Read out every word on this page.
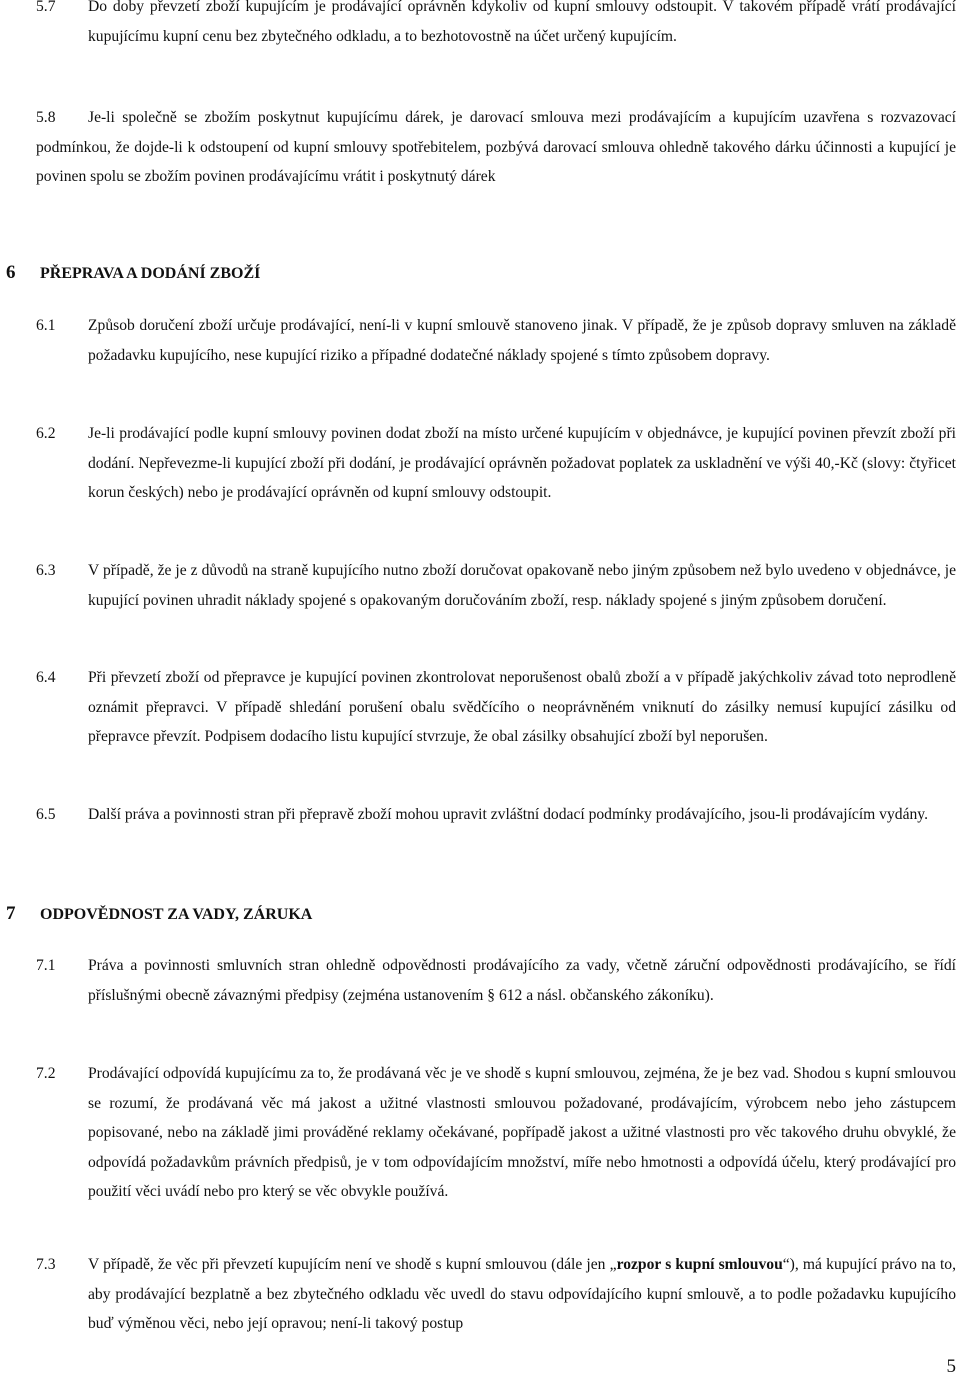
5.7	Do doby převzetí zboží kupujícím je prodávající oprávněn kdykoliv od kupní smlouvy odstoupit. V takovém případě vrátí prodávající kupujícímu kupní cenu bez zbytečného odkladu, a to bezhotovostně na účet určený kupujícím.
5.8 Je-li společně se zbožím poskytnut kupujícímu dárek, je darovací smlouva mezi prodávajícím a kupujícím uzavřena s rozvazovací podmínkou, že dojde-li k odstoupení od kupní smlouvy spotřebitelem, pozbývá darovací smlouva ohledně takového dárku účinnosti a kupující je povinen spolu se zbožím povinen prodávajícímu vrátit i poskytnutý dárek
6	PŘEPRAVA A DODÁNÍ ZBOŽÍ
6.1	Způsob doručení zboží určuje prodávající, není-li v kupní smlouvě stanoveno jinak. V případě, že je způsob dopravy smluven na základě požadavku kupujícího, nese kupující riziko a případné dodatečné náklady spojené s tímto způsobem dopravy.
6.2	Je-li prodávající podle kupní smlouvy povinen dodat zboží na místo určené kupujícím v objednávce, je kupující povinen převzít zboží při dodání. Nepřevezme-li kupující zboží při dodání, je prodávající oprávněn požadovat poplatek za uskladnění ve výši 40,-Kč (slovy: čtyřicet korun českých) nebo je prodávající oprávněn od kupní smlouvy odstoupit.
6.3	V případě, že je z důvodů na straně kupujícího nutno zboží doručovat opakovaně nebo jiným způsobem než bylo uvedeno v objednávce, je kupující povinen uhradit náklady spojené s opakovaným doručováním zboží, resp. náklady spojené s jiným způsobem doručení.
6.4	Při převzetí zboží od přepravce je kupující povinen zkontrolovat neporušenost obalů zboží a v případě jakýchkoliv závad toto neprodleně oznámit přepravci. V případě shledání porušení obalu svědčícího o neoprávněném vniknutí do zásilky nemusí kupující zásilku od přepravce převzít. Podpisem dodacího listu kupující stvrzuje, že obal zásilky obsahující zboží byl neporušen.
6.5	Další práva a povinnosti stran při přepravě zboží mohou upravit zvláštní dodací podmínky prodávajícího, jsou-li prodávajícím vydány.
7	ODPOVĚDNOST ZA VADY, ZÁRUKA
7.1	Práva a povinnosti smluvních stran ohledně odpovědnosti prodávajícího za vady, včetně záruční odpovědnosti prodávajícího, se řídí příslušnými obecně závaznými předpisy (zejména ustanovením § 612 a násl. občanského zákoníku).
7.2	Prodávající odpovídá kupujícímu za to, že prodávaná věc je ve shodě s kupní smlouvou, zejména, že je bez vad. Shodou s kupní smlouvou se rozumí, že prodávaná věc má jakost a užitné vlastnosti smlouvou požadované, prodávajícím, výrobcem nebo jeho zástupcem popisované, nebo na základě jimi prováděné reklamy očekávané, popřípadě jakost a užitné vlastnosti pro věc takového druhu obvyklé, že odpovídá požadavkům právních předpisů, je v tom odpovídajícím množství, míře nebo hmotnosti a odpovídá účelu, který prodávající pro použití věci uvádí nebo pro který se věc obvykle používá.
7.3	V případě, že věc při převzetí kupujícím není ve shodě s kupní smlouvou (dále jen „rozpor s kupní smlouvou“), má kupující právo na to, aby prodávající bezplatně a bez zbytečného odkladu věc uvedl do stavu odpovídajícího kupní smlouvě, a to podle požadavku kupujícího buď výměnou věci, nebo její opravou; není-li takový postup
5
